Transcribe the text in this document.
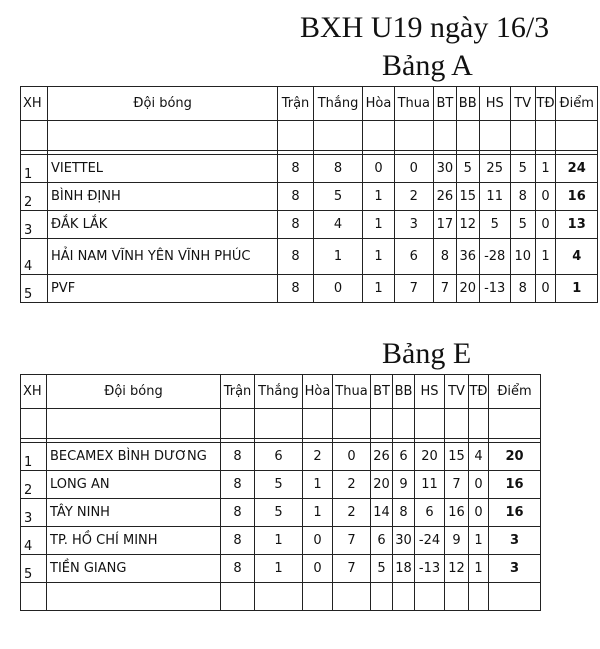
BXH U19 ngày 16/3
Bảng A
XH	Đội bóng	Trận	Thắng	Hòa	Thua	BT	BB	HS	TV	TĐ	Điểm

1	VIETTEL	8	8	0	0	30	5	25	5	1	24
2	BÌNH ĐỊNH	8	5	1	2	26	15	11	8	0	16
3	ĐẮK LẮK	8	4	1	3	17	12	5	5	0	13
4	HẢI NAM VĨNH YÊN VĨNH PHÚC	8	1	1	6	8	36	-28	10	1	4
5	PVF	8	0	1	7	7	20	-13	8	0	1
Bảng E
XH	Đội bóng	Trận	Thắng	Hòa	Thua	BT	BB	HS	TV	TĐ	Điểm

1	BECAMEX BÌNH DƯƠNG	8	6	2	0	26	6	20	15	4	20
2	LONG AN	8	5	1	2	20	9	11	7	0	16
3	TÂY NINH	8	5	1	2	14	8	6	16	0	16
4	TP. HỒ CHÍ MINH	8	1	0	7	6	30	-24	9	1	3
5	TIỀN GIANG	8	1	0	7	5	18	-13	12	1	3
